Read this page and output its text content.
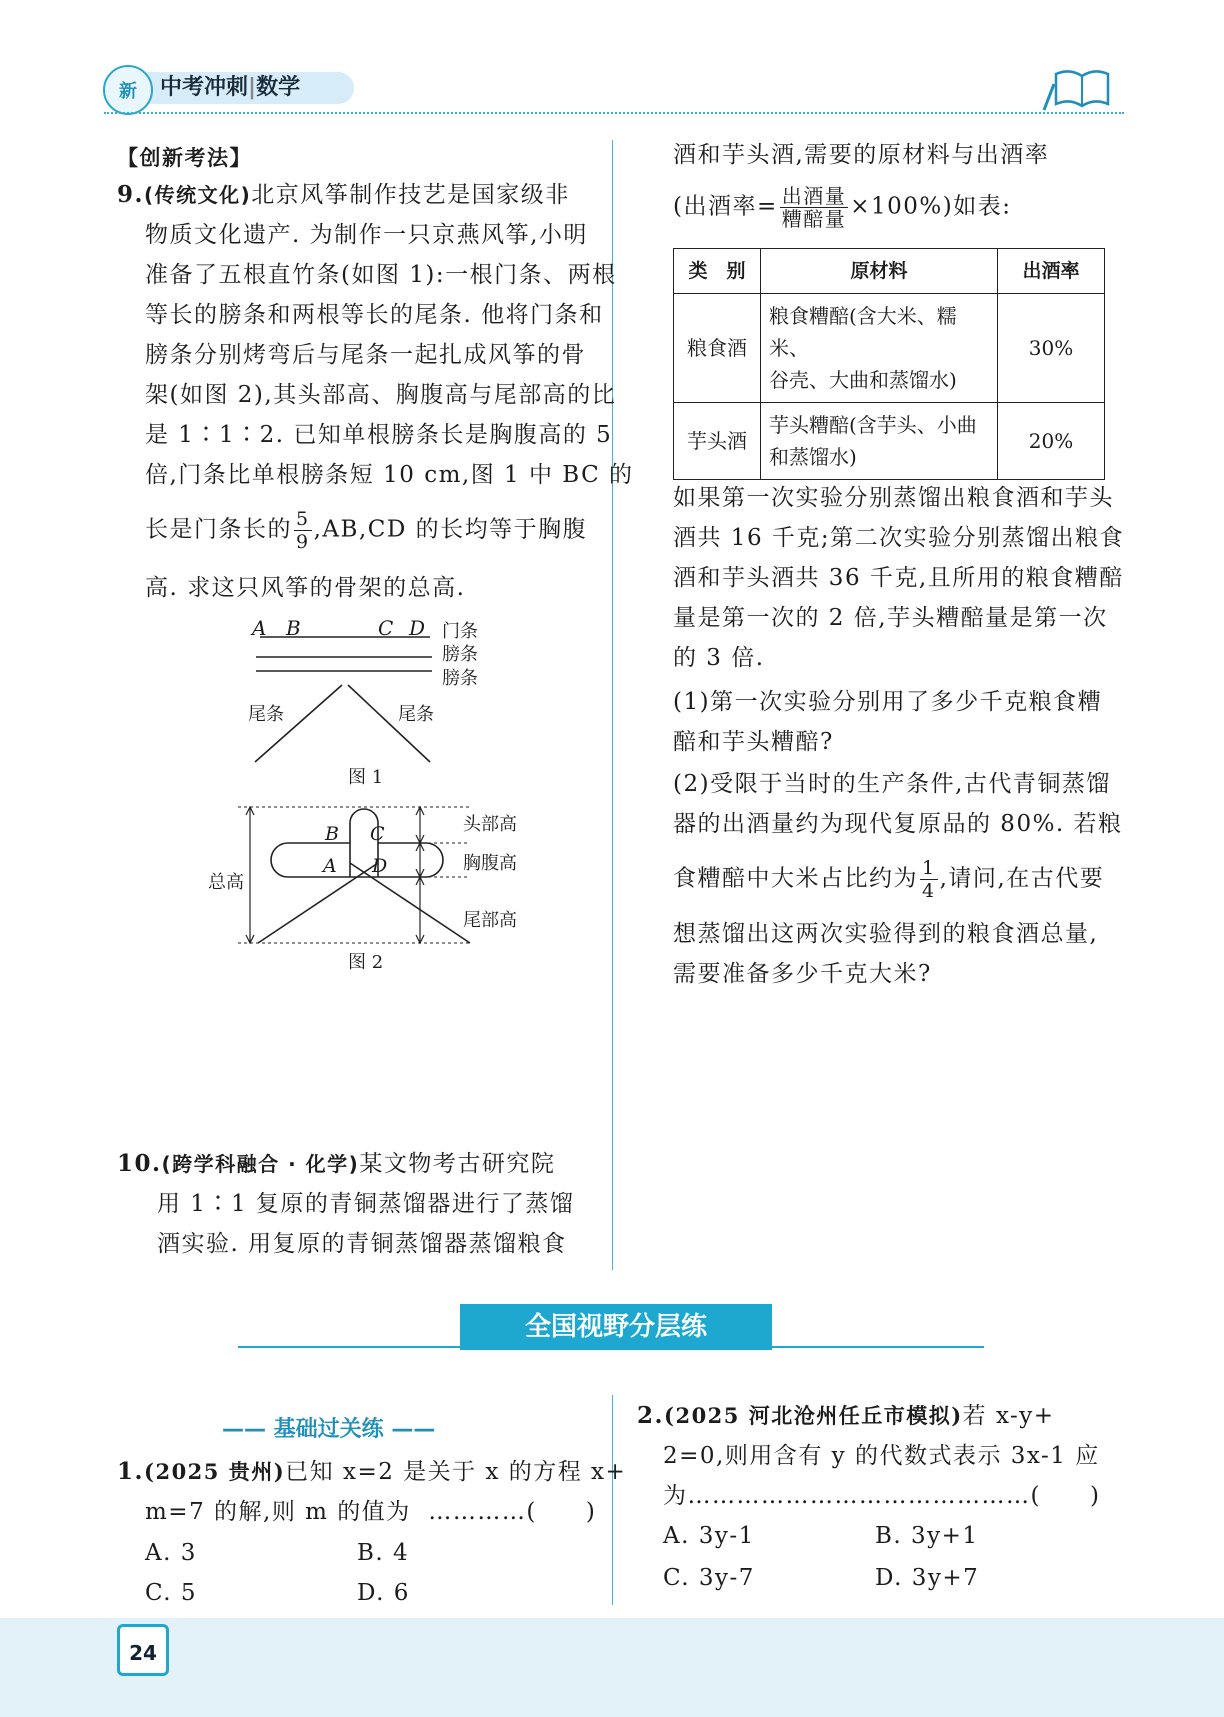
新 中考冲刺|数学
【创新考法】
9.(传统文化)北京风筝制作技艺是国家级非
物质文化遗产. 为制作一只京燕风筝,小明
准备了五根直竹条(如图 1):一根门条、两根
等长的膀条和两根等长的尾条. 他将门条和
膀条分别烤弯后与尾条一起扎成风筝的骨
架(如图 2),其头部高、胸腹高与尾部高的比
是 1∶1∶2. 已知单根膀条长是胸腹高的 5
倍,门条比单根膀条短 10 cm,图 1 中 BC 的
长是门条长的 $\frac{5}{9} ,AB,CD$ 的长均等于胸腹
高. 求这只风筝的骨架的总高.
A B	C D 门条
膀条
膀条
尾条	尾条
图 1
B C
A D
总高
头部高
胸腹高
尾部高
图 2
10.(跨学科融合 · 化学)某文物考古研究院
用 1∶1 复原的青铜蒸馏器进行了蒸馏
酒实验. 用复原的青铜蒸馏器蒸馏粮食
酒和芋头酒,需要的原材料与出酒率
(出酒率= $\frac{\text{出酒量}}{\text{糟醅量}} \times 100\%$)如表:
类　别	原材料	出酒率
粮食酒	粮食糟醅(含大米、糯米、
谷壳、大曲和蒸馏水)	30%
芋头酒	芋头糟醅(含芋头、小曲
和蒸馏水)	20%
如果第一次实验分别蒸馏出粮食酒和芋头
酒共 16 千克;第二次实验分别蒸馏出粮食
酒和芋头酒共 36 千克,且所用的粮食糟醅
量是第一次的 2 倍,芋头糟醅量是第一次
的 3 倍.
(1)第一次实验分别用了多少千克粮食糟
醅和芋头糟醅?
(2)受限于当时的生产条件,古代青铜蒸馏
器的出酒量约为现代复原品的 80%. 若粮
食糟醅中大米占比约为 $\frac{1}{4}$ ,请问,在古代要
想蒸馏出这两次实验得到的粮食酒总量,
需要准备多少千克大米?
全国视野分层练
—— 基础过关练 ——
1.(2025 贵州)已知 x=2 是关于 x 的方程 x+
m=7 的解,则 m 的值为 …………(　　)
A. 3	B. 4
C. 5	D. 6
2.(2025 河北沧州任丘市模拟)若 x-y+
2=0,则用含有 y 的代数式表示 3x-1 应
为……………………………………(　　)
A. 3y-1	B. 3y+1
C. 3y-7	D. 3y+7
24
